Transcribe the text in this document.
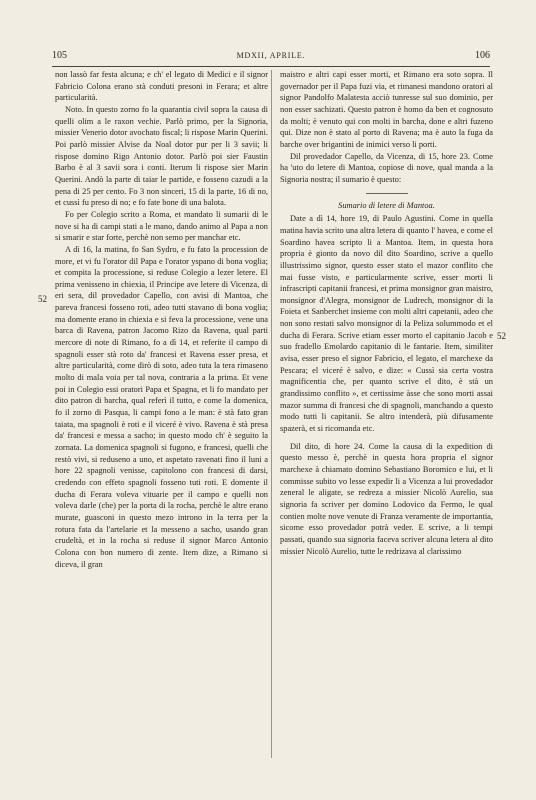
105	MDXII, APRILE.	106
52
52

non lassò far festa alcuna; e ch' el legato di Medici e il signor Fabricio Colona erano stà conduti presoni in Ferara; et altre particularità.

Noto. In questo zorno fo la quarantia civil sopra la causa di quelli olim a le raxon vechie. Parlò primo, per la Signoria, missier Venerio dotor avochato fiscal; li rispose Marin Querini. Poi parlò missier Alvise da Noal dotor pur per li 3 savii; li rispose domino Rigo Antonio dotor. Parlò poi sier Faustin Barbo è al 3 savii sora i conti. Iterum li rispose sier Marin Querini. Andò la parte di taiar le partide, e fosseno cazudi a la pena di 25 per cento. Fo 3 non sinceri, 15 di la parte, 16 di no, et cussì fu preso di no; e fo fate bone di una balota.

Fo per Colegio scrito a Roma, et mandato li sumarii di le nove si ha di campi stati a le mano, dando animo al Papa a non si smarir e star forte, perchè non semo per manchar etc.

A dì 16, la matina, fo San Sydro, e fu fato la procession de more, et vi fu l'orator dil Papa e l'orator yspano di bona voglia; et compita la processione, si reduse Colegio a lezer letere. El prima venisseno in chiexia, il Principe ave letere di Vicenza, di eri sera, dil provedador Capello, con avisi di Mantoa, che pareva francesi fosseno roti, adeo tutti stavano di bona voglia; ma domente erano in chiexia e si feva la processione, vene una barca di Ravena, patron Jacomo Rizo da Ravena, qual parti mercore di note di Rimano, fo a dì 14, et referite il campo di spagnoli esser stà roto da' francesi et Ravena esser presa, et altre particularità, come dirò di soto, adeo tuta la tera rimaseno molto di mala voia per tal nova, contraria a la prima. Et vene poi in Colegio essi oratori Papa et Spagna, et li fo mandato per dito patron di barcha, qual referì il tutto, e come la domenica, fo il zorno di Pasqua, li campi fono a le man: è stà fato gran taiata, ma spagnoli è roti e il viceré è vivo. Ravena è stà presa da' francesi e messa a sacho; in questo modo ch' è seguito la zornata. La domenica spagnoli si fugono, e francesi, quelli che restò vivi, si reduseno a uno, et aspetato ravenati fino il luni a hore 22 spagnoli venisse, capitolono con francesi di darsi, credendo con effeto spagnoli fosseno tuti roti. E domente il ducha di Ferara voleva vituarie per il campo e quelli non voleva darle (che) per la porta di la rocha, perchè le altre erano murate, guasconi in questo mezo introno in la terra per la rotura fata da l'artelarie et la messeno a sacho, usando gran crudeltà, et in la rocha si reduse il signor Marco Antonio Colona con bon numero di zente. Item dize, a Rimano si diceva, il gran

maistro e altri capi esser morti, et Rimano era soto sopra. Il governador per il Papa fuzi via, et rimanesi mandono oratori al signor Pandolfo Malatesta acciò tunresse sul suo dominio, per non esser sachizati. Questo patron è homo da ben et cognosuto da molti; è venuto qui con molti in barcha, done e altri fuzeno qui. Dize non è stato al porto di Ravena; ma è auto la fuga da barche over brigantini de inimici verso li porti.

Dil provedador Capello, da Vicenza, di 15, hore 23. Come ha 'uto do letere di Mantoa, copiose di nove, qual manda a la Signoria nostra; il sumario è questo:

Sumario di letere di Mantoa.

Date a dì 14, hore 19, di Paulo Agustini. Come in quella matina havia scrito una altra letera di quanto l' havea, e come el Soardino havea scripto li a Mantoa. Item, in questa hora propria è gionto da novo dil dito Soardino, scrive a quello illustrissimo signor, questo esser stato el mazor conflito che mai fusse visto, e particularmente scrive, esser morti li infrascripti capitanii francesi, et prima monsignor gran maistro, monsignor d'Alegra, monsignor de Ludrech, monsignor di la Foieta et Sanberchet insieme con molti altri capetanii, adeo che non sono restati salvo monsignor di la Peliza solummodo et el ducha di Ferara. Scrive etiam esser morto el capitanio Jacob e suo fradello Emolardo capitanio di le fantarie. Item, similiter avisa, esser preso el signor Fabricio, el legato, el marchexe da Pescara; el viceré è salvo, e dize: « Cussì sia certa vostra magnificentia che, per quanto scrive el dito, è stà un grandissimo conflito », et certissime àsse che sono morti assai mazor summa di francesi che di spagnoli, manchando a questo modo tutti li capitanii. Se altro intenderà, più difusamente spazerà, et si ricomanda etc.

Dil dito, dì hore 24. Come la causa di la expedition di questo messo è, perchè in questa hora propria el signor marchexe à chiamato domino Sebastiano Boromico e lui, et li commisse subito vo lesse expedir li a Vicenza a lui provedador zeneral le aligate, se redreza a missier Nicolò Aurelio, sua signoria fa scriver per domino Lodovico da Fermo, le qual contien molte nove venute di Franza veramente de importantia, sicome esso provedador potrà veder. E scrive, a li tempi passati, quando sua signoria faceva scriver alcuna letera al dito missier Nicolò Aurelio, tutte le redrizava al clarissimo
